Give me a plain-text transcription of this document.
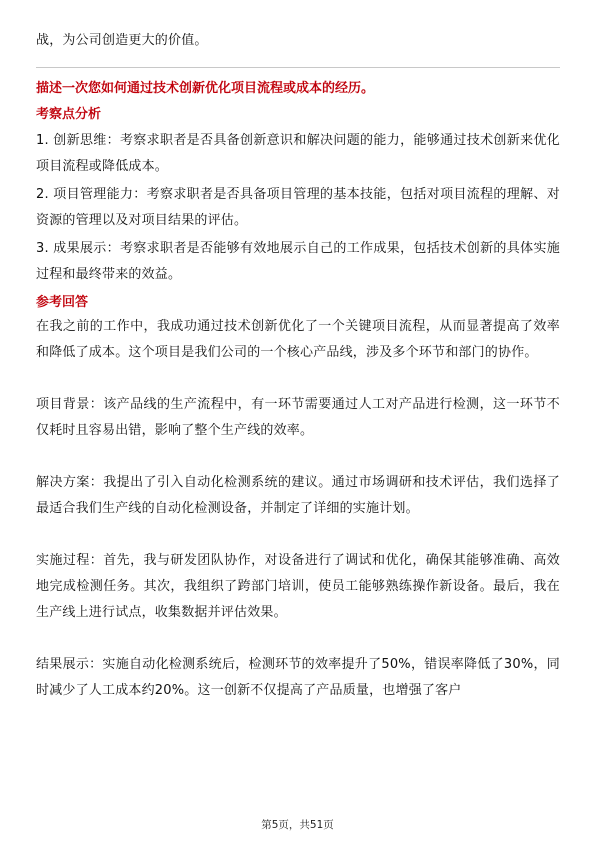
战，为公司创造更大的价值。

描述一次您如何通过技术创新优化项目流程或成本的经历。

考察点分析

1. 创新思维：考察求职者是否具备创新意识和解决问题的能力，能够通过技术创新来优化项目流程或降低成本。

2. 项目管理能力：考察求职者是否具备项目管理的基本技能，包括对项目流程的理解、对资源的管理以及对项目结果的评估。

3. 成果展示：考察求职者是否能够有效地展示自己的工作成果，包括技术创新的具体实施过程和最终带来的效益。

参考回答

在我之前的工作中，我成功通过技术创新优化了一个关键项目流程，从而显著提高了效率和降低了成本。这个项目是我们公司的一个核心产品线，涉及多个环节和部门的协作。

项目背景：该产品线的生产流程中，有一环节需要通过人工对产品进行检测，这一环节不仅耗时且容易出错，影响了整个生产线的效率。

解决方案：我提出了引入自动化检测系统的建议。通过市场调研和技术评估，我们选择了最适合我们生产线的自动化检测设备，并制定了详细的实施计划。

实施过程：首先，我与研发团队协作，对设备进行了调试和优化，确保其能够准确、高效地完成检测任务。其次，我组织了跨部门培训，使员工能够熟练操作新设备。最后，我在生产线上进行试点，收集数据并评估效果。

结果展示：实施自动化检测系统后，检测环节的效率提升了50%，错误率降低了30%，同时减少了人工成本约20%。这一创新不仅提高了产品质量，也增强了客户

第5页，共51页
